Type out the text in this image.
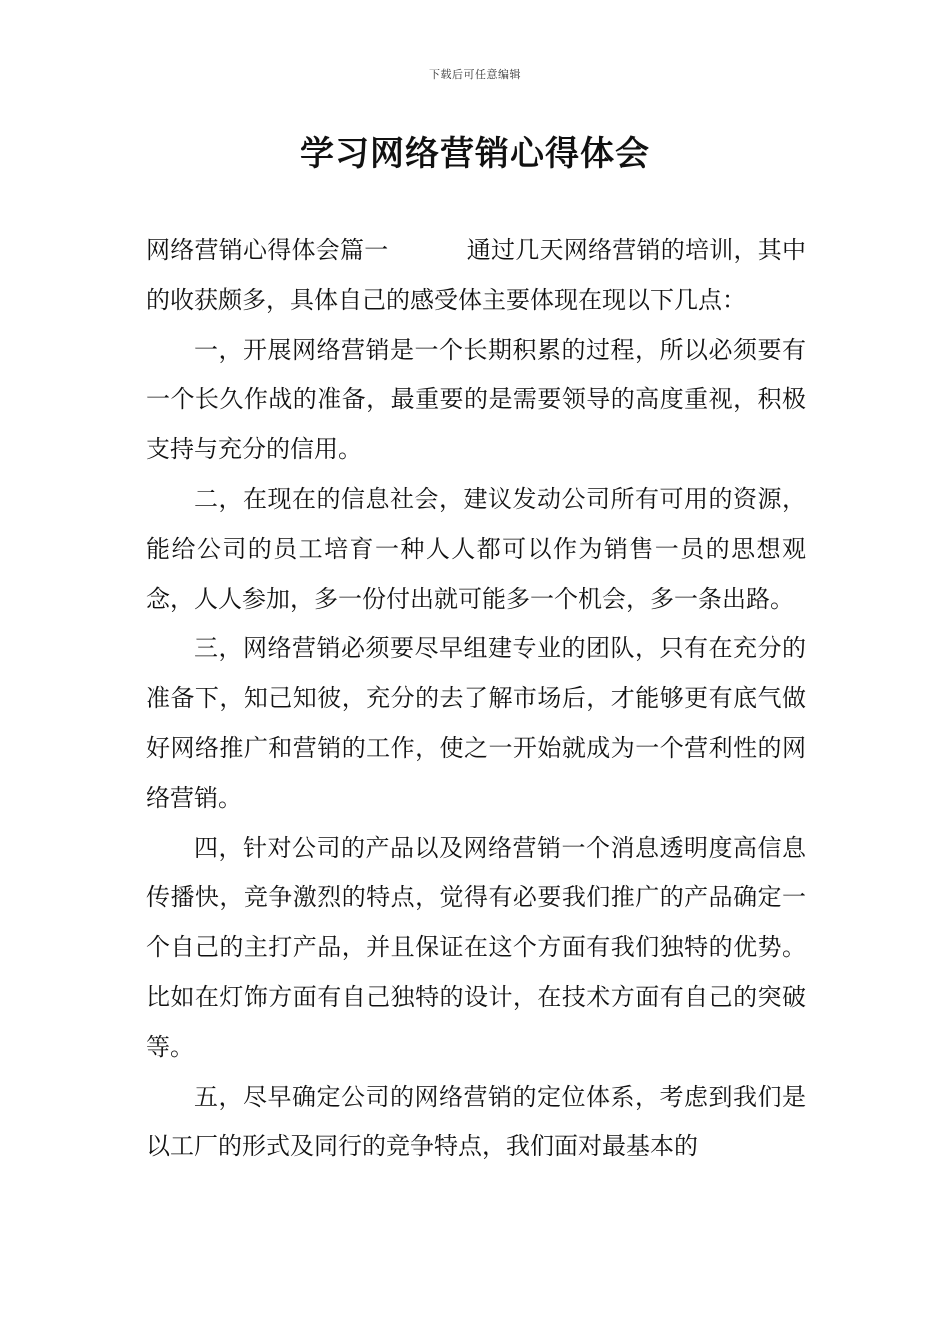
下载后可任意编辑
学习网络营销心得体会

网络营销心得体会篇一	通过几天网络营销的培训，其中的收获颇多，具体自己的感受体主要体现在现以下几点：

一，开展网络营销是一个长期积累的过程，所以必须要有一个长久作战的准备，最重要的是需要领导的高度重视，积极支持与充分的信用。

二，在现在的信息社会，建议发动公司所有可用的资源，能给公司的员工培育一种人人都可以作为销售一员的思想观念，人人参加，多一份付出就可能多一个机会，多一条出路。

三，网络营销必须要尽早组建专业的团队，只有在充分的准备下，知己知彼，充分的去了解市场后，才能够更有底气做好网络推广和营销的工作，使之一开始就成为一个营利性的网络营销。

四，针对公司的产品以及网络营销一个消息透明度高信息传播快，竞争激烈的特点，觉得有必要我们推广的产品确定一个自己的主打产品，并且保证在这个方面有我们独特的优势。比如在灯饰方面有自己独特的设计，在技术方面有自己的突破等。

五，尽早确定公司的网络营销的定位体系，考虑到我们是以工厂的形式及同行的竞争特点，我们面对最基本的
